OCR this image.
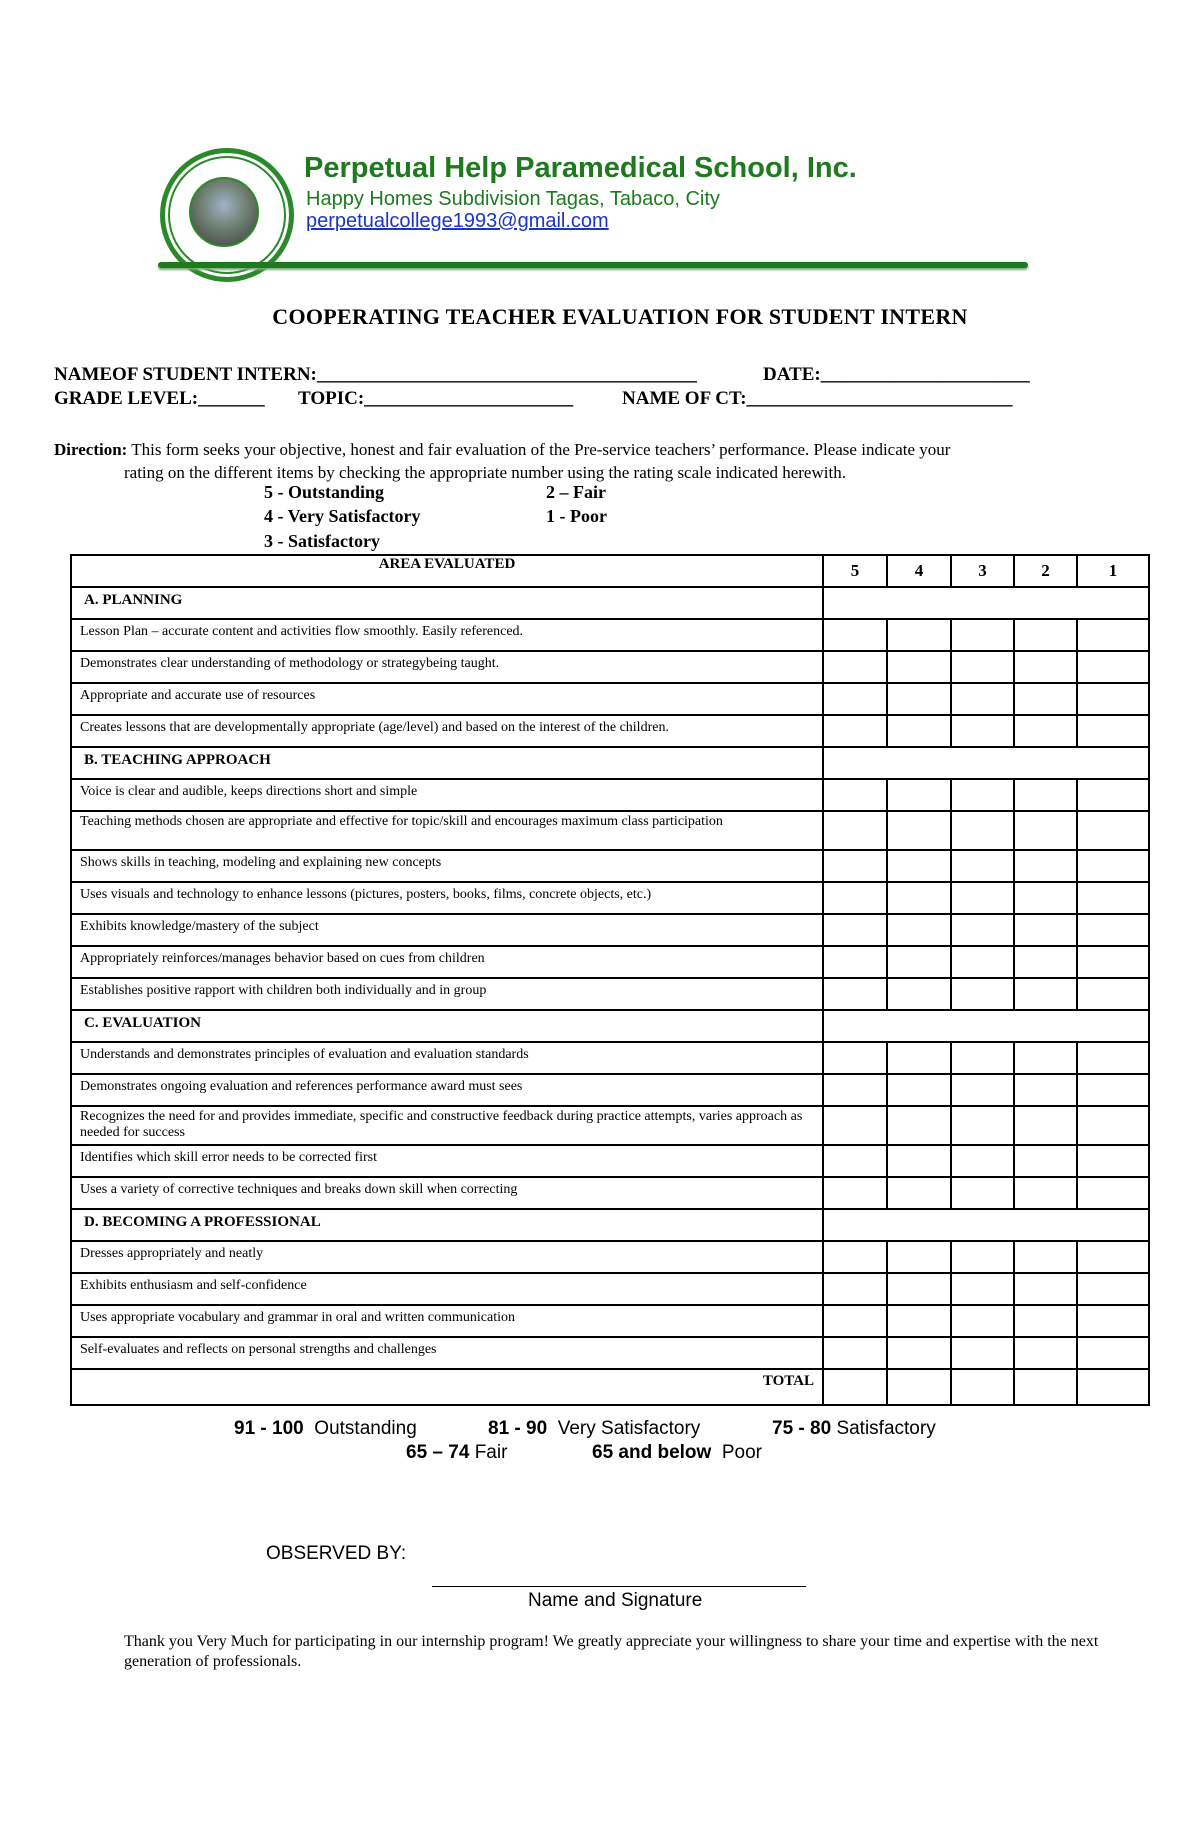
Perpetual Help Paramedical School, Inc.
Happy Homes Subdivision Tagas, Tabaco, City
perpetualcollege1993@gmail.com
COOPERATING TEACHER EVALUATION FOR STUDENT INTERN
NAMEOF STUDENT INTERN:________________________________________	DATE:______________________
GRADE LEVEL:_______ TOPIC:______________________	NAME OF CT:____________________________
Direction: This form seeks your objective, honest and fair evaluation of the Pre-service teachers’ performance. Please indicate your
rating on the different items by checking the appropriate number using the rating scale indicated herewith.
5 - Outstanding
4 - Very Satisfactory
3 - Satisfactory
2 – Fair
1 - Poor
AREA EVALUATED	5	4	3	2	1
A. PLANNING					
Lesson Plan – accurate content and activities flow smoothly. Easily referenced.					
Demonstrates clear understanding of methodology or strategybeing taught.					
Appropriate and accurate use of resources					
Creates lessons that are developmentally appropriate (age/level) and based on the interest of the children.					
B. TEACHING APPROACH					
Voice is clear and audible, keeps directions short and simple					
Teaching methods chosen are appropriate and effective for topic/skill and encourages maximum class participation					
Shows skills in teaching, modeling and explaining new concepts					
Uses visuals and technology to enhance lessons (pictures, posters, books, films, concrete objects, etc.)					
Exhibits knowledge/mastery of the subject					
Appropriately reinforces/manages behavior based on cues from children					
Establishes positive rapport with children both individually and in group					
C. EVALUATION					
Understands and demonstrates principles of evaluation and evaluation standards					
Demonstrates ongoing evaluation and references performance award must sees					
Recognizes the need for and provides immediate, specific and constructive feedback during practice attempts, varies approach as needed for success					
Identifies which skill error needs to be corrected first					
Uses a variety of corrective techniques and breaks down skill when correcting					
D. BECOMING A PROFESSIONAL					
Dresses appropriately and neatly					
Exhibits enthusiasm and self-confidence					
Uses appropriate vocabulary and grammar in oral and written communication					
Self-evaluates and reflects on personal strengths and challenges					
TOTAL					
91 - 100 Outstanding	81 - 90 Very Satisfactory	75 - 80 Satisfactory
65 – 74 Fair	65 and below Poor
OBSERVED BY:
Name and Signature
Thank you Very Much for participating in our internship program! We greatly appreciate your willingness to share your time and expertise with the next generation of professionals.
